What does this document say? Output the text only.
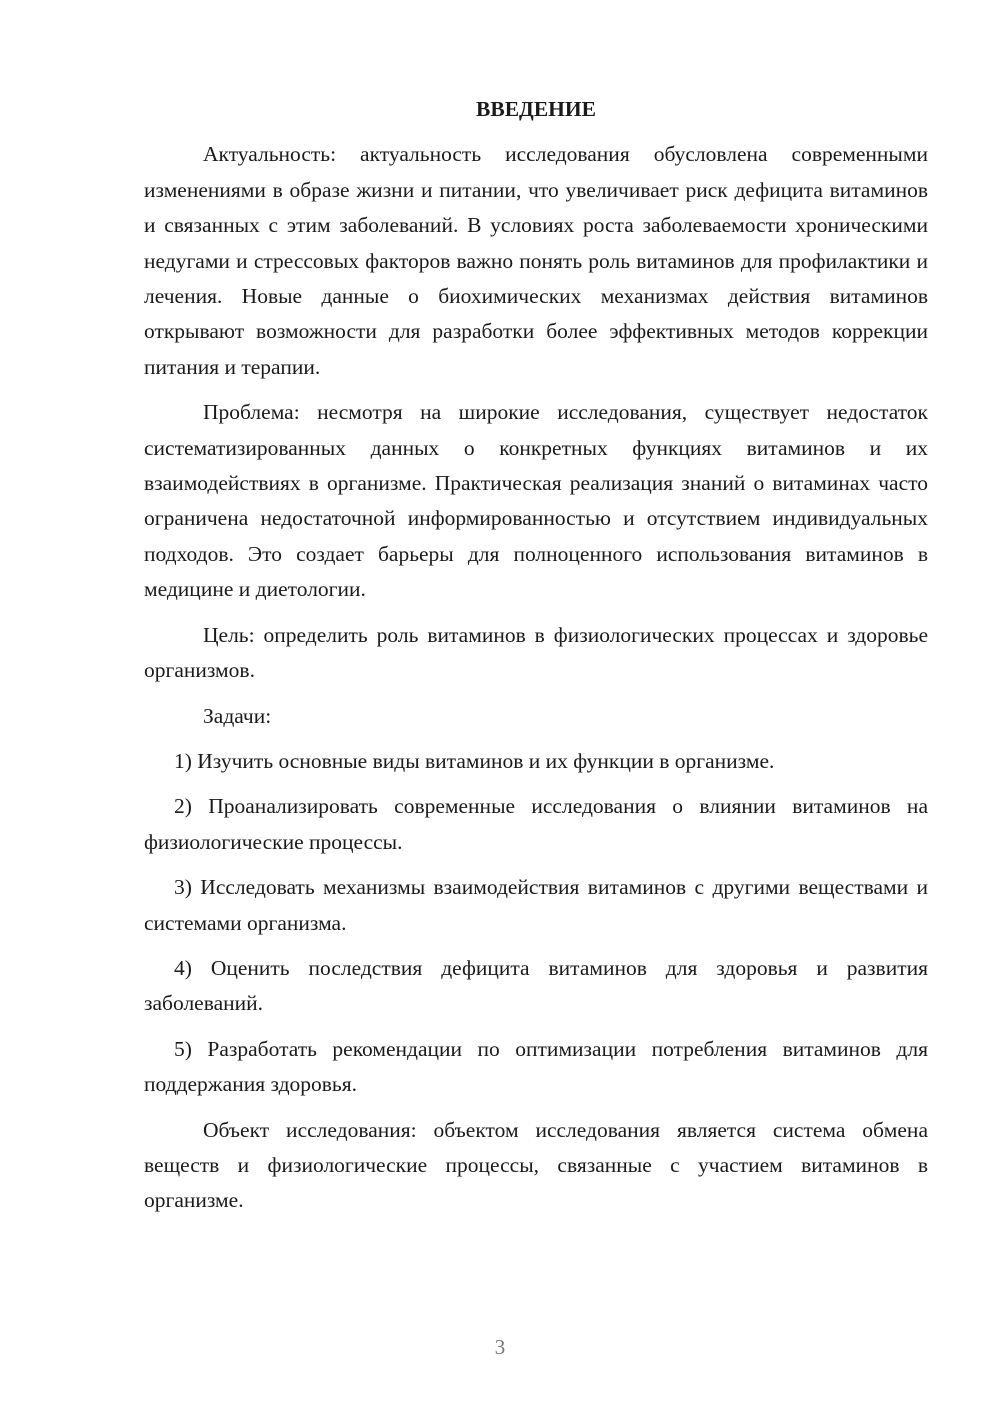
ВВЕДЕНИЕ

Актуальность: актуальность исследования обусловлена современными изменениями в образе жизни и питании, что увеличивает риск дефицита витаминов и связанных с этим заболеваний. В условиях роста заболеваемости хроническими недугами и стрессовых факторов важно понять роль витаминов для профилактики и лечения. Новые данные о биохимических механизмах действия витаминов открывают возможности для разработки более эффективных методов коррекции питания и терапии.

Проблема: несмотря на широкие исследования, существует недостаток систематизированных данных о конкретных функциях витаминов и их взаимодействиях в организме. Практическая реализация знаний о витаминах часто ограничена недостаточной информированностью и отсутствием индивидуальных подходов. Это создает барьеры для полноценного использования витаминов в медицине и диетологии.

Цель: определить роль витаминов в физиологических процессах и здоровье организмов.

Задачи:

1) Изучить основные виды витаминов и их функции в организме.

2) Проанализировать современные исследования о влиянии витаминов на физиологические процессы.

3) Исследовать механизмы взаимодействия витаминов с другими веществами и системами организма.

4) Оценить последствия дефицита витаминов для здоровья и развития заболеваний.

5) Разработать рекомендации по оптимизации потребления витаминов для поддержания здоровья.

Объект исследования: объектом исследования является система обмена веществ и физиологические процессы, связанные с участием витаминов в организме.

3
